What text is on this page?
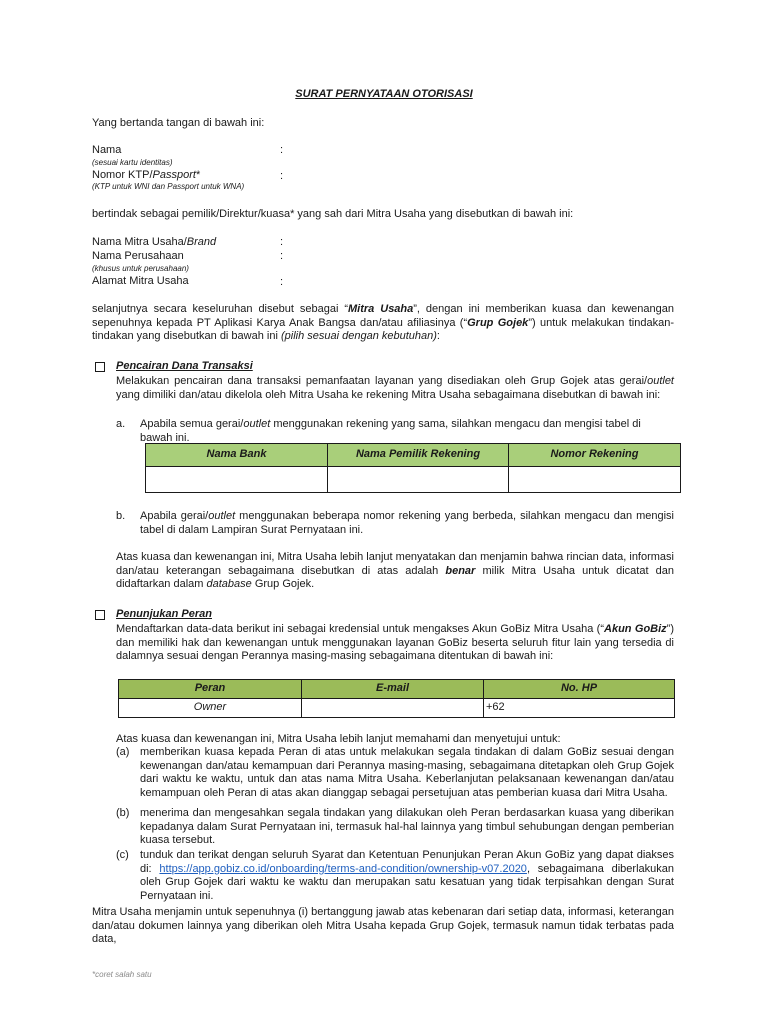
SURAT PERNYATAAN OTORISASI
Yang bertanda tangan di bawah ini:
Nama	:
(sesuai kartu identitas)
Nomor KTP/Passport*	:
(KTP untuk WNI dan Passport untuk WNA)
bertindak sebagai pemilik/Direktur/kuasa* yang sah dari Mitra Usaha yang disebutkan di bawah ini:
Nama Mitra Usaha/Brand	:
Nama Perusahaan	:
(khusus untuk perusahaan)
Alamat Mitra Usaha	:
selanjutnya secara keseluruhan disebut sebagai “Mitra Usaha”, dengan ini memberikan kuasa dan kewenangan sepenuhnya kepada PT Aplikasi Karya Anak Bangsa dan/atau afiliasinya (“Grup Gojek”) untuk melakukan tindakan-tindakan yang disebutkan di bawah ini (pilih sesuai dengan kebutuhan):
Pencairan Dana Transaksi
Melakukan pencairan dana transaksi pemanfaatan layanan yang disediakan oleh Grup Gojek atas gerai/outlet yang dimiliki dan/atau dikelola oleh Mitra Usaha ke rekening Mitra Usaha sebagaimana disebutkan di bawah ini:
a. Apabila semua gerai/outlet menggunakan rekening yang sama, silahkan mengacu dan mengisi tabel di bawah ini.
Nama Bank	Nama Pemilik Rekening	Nomor Rekening

b. Apabila gerai/outlet menggunakan beberapa nomor rekening yang berbeda, silahkan mengacu dan mengisi tabel di dalam Lampiran Surat Pernyataan ini.
Atas kuasa dan kewenangan ini, Mitra Usaha lebih lanjut menyatakan dan menjamin bahwa rincian data, informasi dan/atau keterangan sebagaimana disebutkan di atas adalah benar milik Mitra Usaha untuk dicatat dan didaftarkan dalam database Grup Gojek.
Penunjukan Peran
Mendaftarkan data-data berikut ini sebagai kredensial untuk mengakses Akun GoBiz Mitra Usaha (“Akun GoBiz”) dan memiliki hak dan kewenangan untuk menggunakan layanan GoBiz beserta seluruh fitur lain yang tersedia di dalamnya sesuai dengan Perannya masing-masing sebagaimana ditentukan di bawah ini:
Peran	E-mail	No. HP
Owner		+62
Atas kuasa dan kewenangan ini, Mitra Usaha lebih lanjut memahami dan menyetujui untuk:
(a) memberikan kuasa kepada Peran di atas untuk melakukan segala tindakan di dalam GoBiz sesuai dengan kewenangan dan/atau kemampuan dari Perannya masing-masing, sebagaimana ditetapkan oleh Grup Gojek dari waktu ke waktu, untuk dan atas nama Mitra Usaha. Keberlanjutan pelaksanaan kewenangan dan/atau kemampuan oleh Peran di atas akan dianggap sebagai persetujuan atas pemberian kuasa dari Mitra Usaha.
(b) menerima dan mengesahkan segala tindakan yang dilakukan oleh Peran berdasarkan kuasa yang diberikan kepadanya dalam Surat Pernyataan ini, termasuk hal-hal lainnya yang timbul sehubungan dengan pemberian kuasa tersebut.
(c) tunduk dan terikat dengan seluruh Syarat dan Ketentuan Penunjukan Peran Akun GoBiz yang dapat diakses di: https://app.gobiz.co.id/onboarding/terms-and-condition/ownership-v07.2020, sebagaimana diberlakukan oleh Grup Gojek dari waktu ke waktu dan merupakan satu kesatuan yang tidak terpisahkan dengan Surat Pernyataan ini.
Mitra Usaha menjamin untuk sepenuhnya (i) bertanggung jawab atas kebenaran dari setiap data, informasi, keterangan dan/atau dokumen lainnya yang diberikan oleh Mitra Usaha kepada Grup Gojek, termasuk namun tidak terbatas pada data,
*coret salah satu
